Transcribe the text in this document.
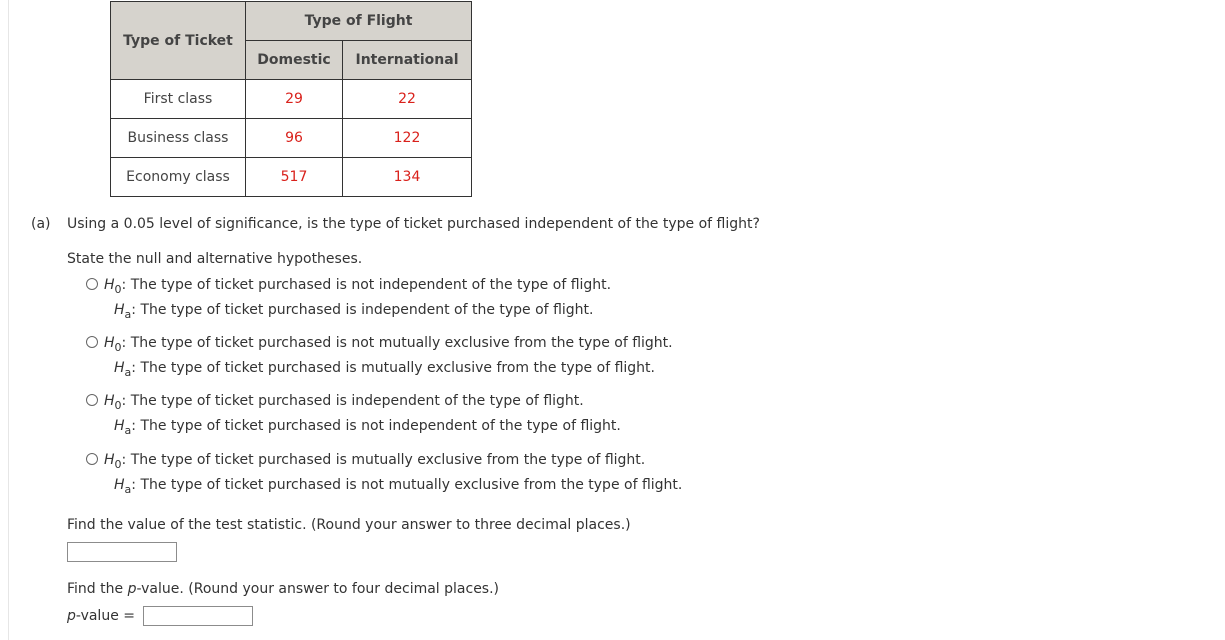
Type of Ticket	Type of Flight	
	Domestic	International
First class	29	22
Business class	96	122
Economy class	517	134
(a) Using a 0.05 level of significance, is the type of ticket purchased independent of the type of flight?
State the null and alternative hypotheses.
$H_0$: The type of ticket purchased is not independent of the type of flight.
$H_a$: The type of ticket purchased is independent of the type of flight.
$H_0$: The type of ticket purchased is not mutually exclusive from the type of flight.
$H_a$: The type of ticket purchased is mutually exclusive from the type of flight.
$H_0$: The type of ticket purchased is independent of the type of flight.
$H_a$: The type of ticket purchased is not independent of the type of flight.
$H_0$: The type of ticket purchased is mutually exclusive from the type of flight.
$H_a$: The type of ticket purchased is not mutually exclusive from the type of flight.
Find the value of the test statistic. (Round your answer to three decimal places.)
Find the p-value. (Round your answer to four decimal places.)
p-value =
